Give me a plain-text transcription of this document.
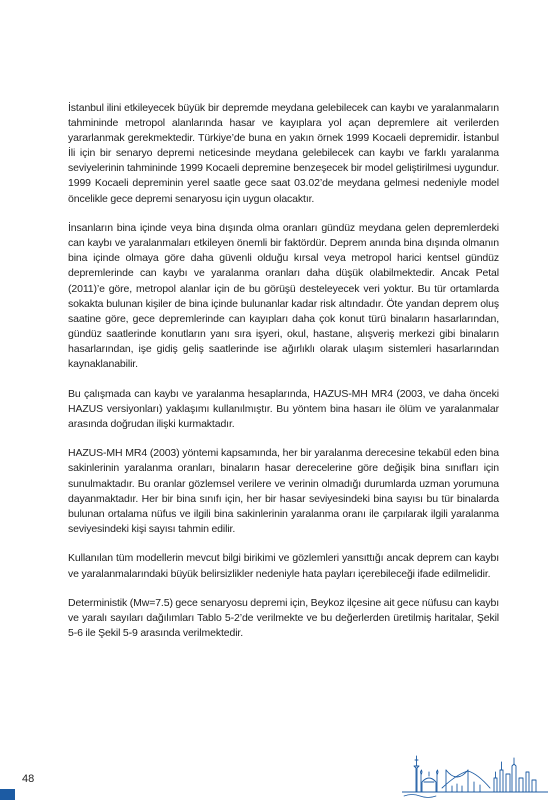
İstanbul ilini etkileyecek büyük bir depremde meydana gelebilecek can kaybı ve yaralanmaların tahmininde metropol alanlarında hasar ve kayıplara yol açan depremlere ait verilerden yararlanmak gerekmektedir. Türkiye’de buna en yakın örnek 1999 Kocaeli depremidir. İstanbul İli için bir senaryo depremi neticesinde meydana gelebilecek can kaybı ve farklı yaralanma seviyelerinin tahmininde 1999 Kocaeli depremine benzeşecek bir model geliştirilmesi uygundur. 1999 Kocaeli depreminin yerel saatle gece saat 03.02’de meydana gelmesi nedeniyle model öncelikle gece depremi senaryosu için uygun olacaktır.

İnsanların bina içinde veya bina dışında olma oranları gündüz meydana gelen depremlerdeki can kaybı ve yaralanmaları etkileyen önemli bir faktördür. Deprem anında bina dışında olmanın bina içinde olmaya göre daha güvenli olduğu kırsal veya metropol harici kentsel gündüz depremlerinde can kaybı ve yaralanma oranları daha düşük olabilmektedir. Ancak Petal (2011)’e göre, metropol alanlar için de bu görüşü desteleyecek veri yoktur. Bu tür ortamlarda sokakta bulunan kişiler de bina içinde bulunanlar kadar risk altındadır. Öte yandan deprem oluş saatine göre, gece depremlerinde can kayıpları daha çok konut türü binaların hasarlarından, gündüz saatlerinde konutların yanı sıra işyeri, okul, hastane, alışveriş merkezi gibi binaların hasarlarından, işe gidiş geliş saatlerinde ise ağırlıklı olarak ulaşım sistemleri hasarlarından kaynaklanabilir.

Bu çalışmada can kaybı ve yaralanma hesaplarında, HAZUS-MH MR4 (2003, ve daha önceki HAZUS versiyonları) yaklaşımı kullanılmıştır. Bu yöntem bina hasarı ile ölüm ve yaralanmalar arasında doğrudan ilişki kurmaktadır.

HAZUS-MH MR4 (2003) yöntemi kapsamında, her bir yaralanma derecesine tekabül eden bina sakinlerinin yaralanma oranları, binaların hasar derecelerine göre değişik bina sınıfları için sunulmaktadır. Bu oranlar gözlemsel verilere ve verinin olmadığı durumlarda uzman yorumuna dayanmaktadır. Her bir bina sınıfı için, her bir hasar seviyesindeki bina sayısı bu tür binalarda bulunan ortalama nüfus ve ilgili bina sakinlerinin yaralanma oranı ile çarpılarak ilgili yaralanma seviyesindeki kişi sayısı tahmin edilir.

Kullanılan tüm modellerin mevcut bilgi birikimi ve gözlemleri yansıttığı ancak deprem can kaybı ve yaralanmalarındaki büyük belirsizlikler nedeniyle hata payları içerebileceği ifade edilmelidir.

Deterministik (Mw=7.5) gece senaryosu depremi için, Beykoz ilçesine ait gece nüfusu can kaybı ve yaralı sayıları dağılımları Tablo 5-2’de verilmekte ve bu değerlerden üretilmiş haritalar, Şekil 5-6 ile Şekil 5-9 arasında verilmektedir.

48
